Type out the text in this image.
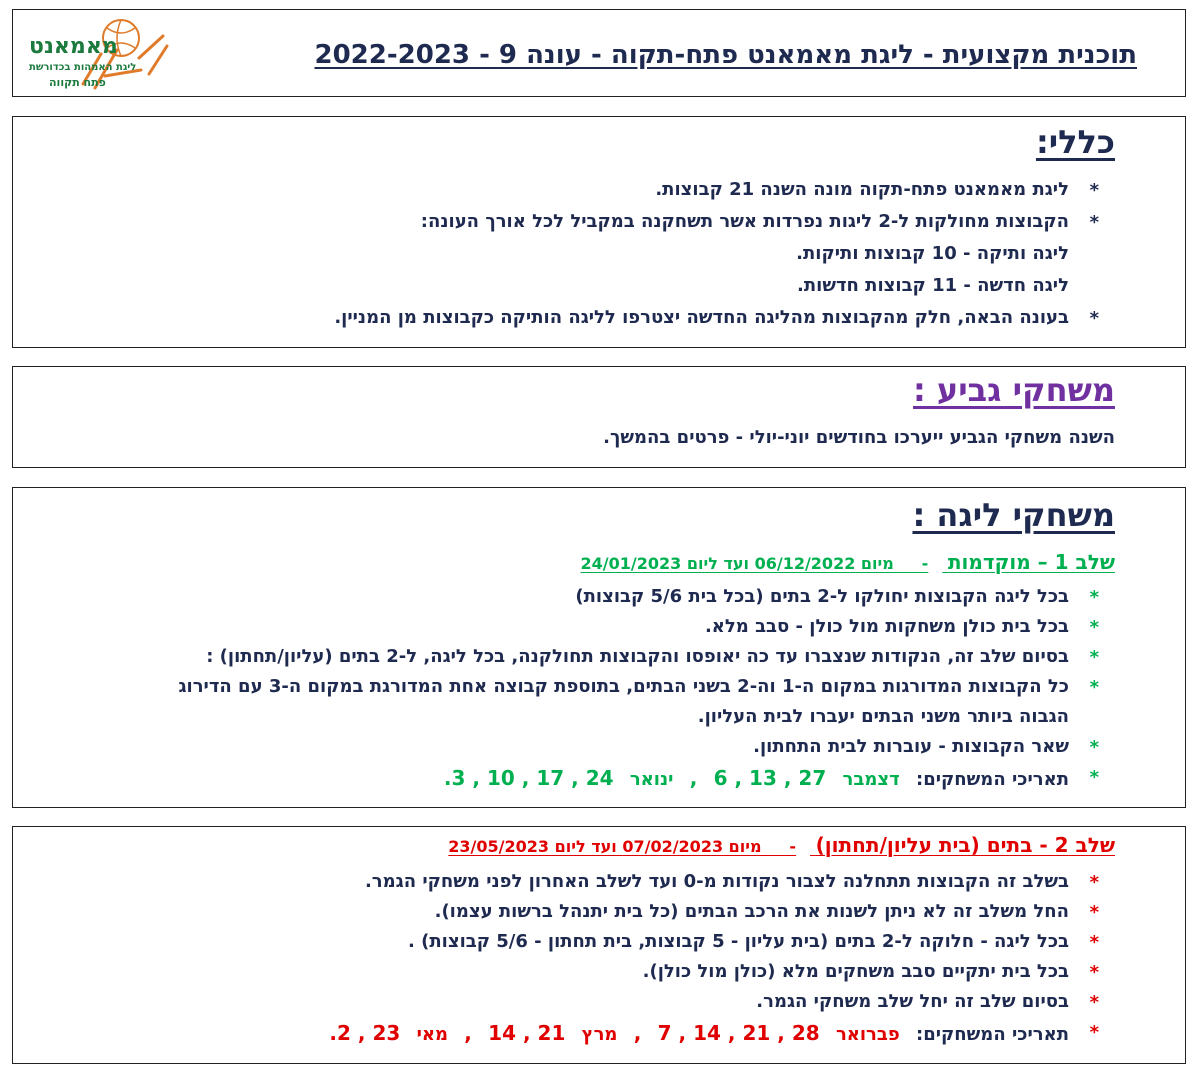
תוכנית מקצועית - ליגת מאמאנט פתח-תקוה - עונה 9 - 2022-2023
מאמאנט
ליגת האמהות בכדורשת
פתח תקווה
כללי:
*
ליגת מאמאנט פתח-תקוה מונה השנה 21 קבוצות.
*
הקבוצות מחולקות ל-2 ליגות נפרדות אשר תשחקנה במקביל לכל אורך העונה:
ליגה ותיקה - 10 קבוצות ותיקות.
ליגה חדשה - 11 קבוצות חדשות.
*
בעונה הבאה, חלק מהקבוצות מהליגה החדשה יצטרפו לליגה הותיקה כקבוצות מן המניין.
משחקי גביע :
השנה משחקי הגביע ייערכו בחודשים יוני-יולי - פרטים בהמשך.
משחקי ליגה :
שלב 1 – מוקדמות -     מיום 06/12/2022 ועד ליום 24/01/2023
*
בכל ליגה הקבוצות יחולקו ל-2 בתים (בכל בית 5/6 קבוצות)
*
בכל בית כולן משחקות מול כולן - סבב מלא.
*
בסיום שלב זה, הנקודות שנצברו עד כה יאופסו והקבוצות תחולקנה, בכל ליגה, ל-2 בתים (עליון/תחתון) :
*
כל הקבוצות המדורגות במקום ה-1 וה-2 בשני הבתים, בתוספת קבוצה אחת המדורגת במקום ה-3 עם הדירוג
הגבוה ביותר משני הבתים יעברו לבית העליון.
*
שאר הקבוצות - עוברות לבית התחתון.
*
תאריכי המשחקים: דצמבר 27 , 13 , 6 , ינואר 24 , 17 , 10 , 3.
שלב 2 - בתים (בית עליון/תחתון) -     מיום 07/02/2023 ועד ליום 23/05/2023
*
בשלב זה הקבוצות תתחלנה לצבור נקודות מ-0 ועד לשלב האחרון לפני משחקי הגמר.
*
החל משלב זה לא ניתן לשנות את הרכב הבתים (כל בית יתנהל ברשות עצמו).
*
בכל ליגה - חלוקה ל-2 בתים (בית עליון - 5 קבוצות, בית תחתון - 5/6 קבוצות) .
*
בכל בית יתקיים סבב משחקים מלא (כולן מול כולן).
*
בסיום שלב זה יחל שלב משחקי הגמר.
*
תאריכי המשחקים: פברואר 28 , 21 , 14 , 7 , מרץ 21 , 14 , מאי 23 , 2.
